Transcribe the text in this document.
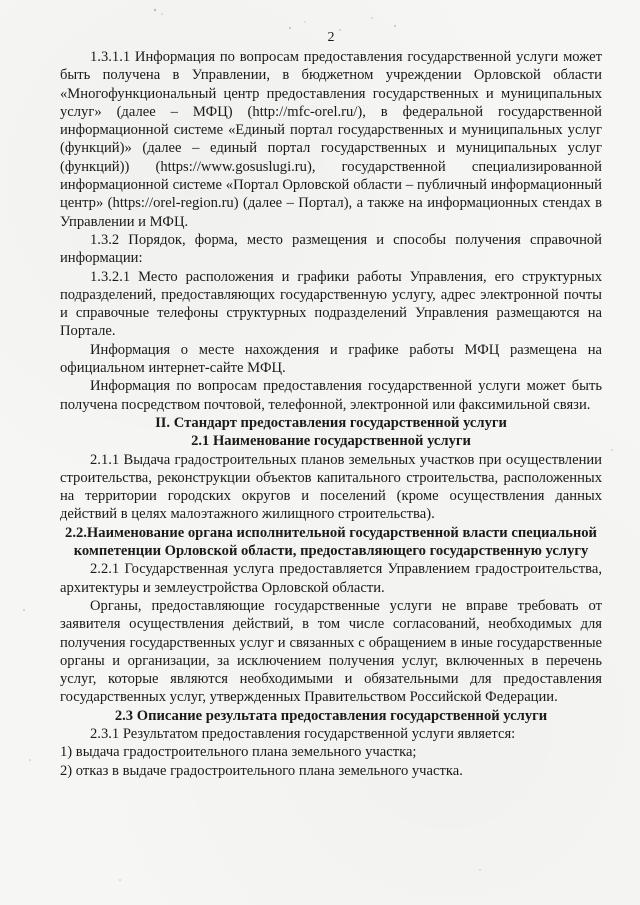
2

1.3.1.1 Информация по вопросам предоставления государственной услуги может быть получена в Управлении, в бюджетном учреждении Орловской области «Многофункциональный центр предоставления государственных и муниципальных услуг» (далее – МФЦ) (http://mfc-orel.ru/), в федеральной государственной информационной системе «Единый портал государственных и муниципальных услуг (функций)» (далее – единый портал государственных и муниципальных услуг (функций)) (https://www.gosuslugi.ru), государственной специализированной информационной системе «Портал Орловской области – публичный информационный центр» (https://orel-region.ru) (далее – Портал), а также на информационных стендах в Управлении и МФЦ.

1.3.2 Порядок, форма, место размещения и способы получения справочной информации:

1.3.2.1 Место расположения и графики работы Управления, его структурных подразделений, предоставляющих государственную услугу, адрес электронной почты и справочные телефоны структурных подразделений Управления размещаются на Портале.

Информация о месте нахождения и графике работы МФЦ размещена на официальном интернет-сайте МФЦ.

Информация по вопросам предоставления государственной услуги может быть получена посредством почтовой, телефонной, электронной или факсимильной связи.

II. Стандарт предоставления государственной услуги

2.1 Наименование государственной услуги

2.1.1 Выдача градостроительных планов земельных участков при осуществлении строительства, реконструкции объектов капитального строительства, расположенных на территории городских округов и поселений (кроме осуществления данных действий в целях малоэтажного жилищного строительства).

2.2.Наименование органа исполнительной государственной власти специальной компетенции Орловской области, предоставляющего государственную услугу

2.2.1 Государственная услуга предоставляется Управлением градостроительства, архитектуры и землеустройства Орловской области.

Органы, предоставляющие государственные услуги не вправе требовать от заявителя осуществления действий, в том числе согласований, необходимых для получения государственных услуг и связанных с обращением в иные государственные органы и организации, за исключением получения услуг, включенных в перечень услуг, которые являются необходимыми и обязательными для предоставления государственных услуг, утвержденных Правительством Российской Федерации.

2.3 Описание результата предоставления государственной услуги

2.3.1 Результатом предоставления государственной услуги является:

1) выдача градостроительного плана земельного участка;

2) отказ в выдаче градостроительного плана земельного участка.
